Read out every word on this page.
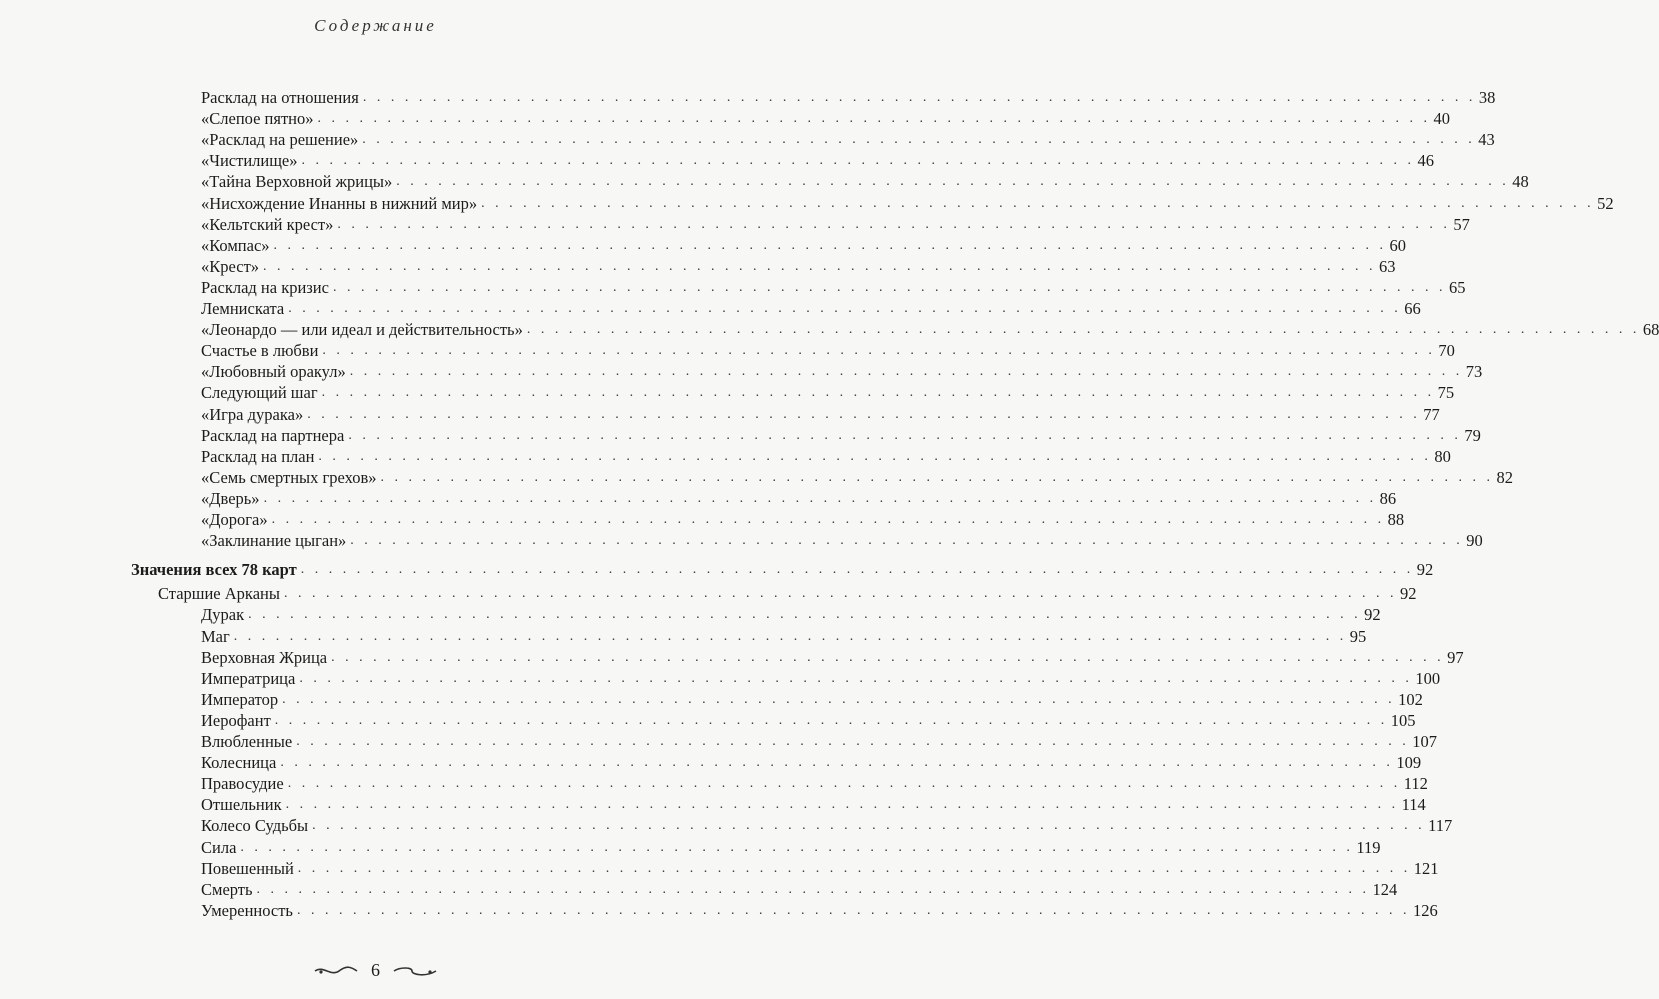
Содержание
Расклад на отношения . . . . . . . . . . . . . . . . . . . . . . . . . . . . . . . . . . . . . . . . . . . . . . . . . . . . . . . . . . . . . . . . . . . . . . . . . . . . . . . . 38
«Слепое пятно» . . . . . . . . . . . . . . . . . . . . . . . . . . . . . . . . . . . . . . . . . . . . . . . . . . . . . . . . . . . . . . . . . . . . . . . . . . . . . . . . 40
«Расклад на решение» . . . . . . . . . . . . . . . . . . . . . . . . . . . . . . . . . . . . . . . . . . . . . . . . . . . . . . . . . . . . . . . . . . . . . . . . . . . . . . . . 43
«Чистилище» . . . . . . . . . . . . . . . . . . . . . . . . . . . . . . . . . . . . . . . . . . . . . . . . . . . . . . . . . . . . . . . . . . . . . . . . . . . . . . . . 46
«Тайна Верховной жрицы» . . . . . . . . . . . . . . . . . . . . . . . . . . . . . . . . . . . . . . . . . . . . . . . . . . . . . . . . . . . . . . . . . . . . . . . . . . . . . . . . 48
«Нисхождение Инанны в нижний мир» . . . . . . . . . . . . . . . . . . . . . . . . . . . . . . . . . . . . . . . . . . . . . . . . . . . . . . . . . . . . . . . . . . . . . . . . . . . . . . . . 52
«Кельтский крест» . . . . . . . . . . . . . . . . . . . . . . . . . . . . . . . . . . . . . . . . . . . . . . . . . . . . . . . . . . . . . . . . . . . . . . . . . . . . . . . . 57
«Компас» . . . . . . . . . . . . . . . . . . . . . . . . . . . . . . . . . . . . . . . . . . . . . . . . . . . . . . . . . . . . . . . . . . . . . . . . . . . . . . . . 60
«Крест» . . . . . . . . . . . . . . . . . . . . . . . . . . . . . . . . . . . . . . . . . . . . . . . . . . . . . . . . . . . . . . . . . . . . . . . . . . . . . . . . 63
Расклад на кризис . . . . . . . . . . . . . . . . . . . . . . . . . . . . . . . . . . . . . . . . . . . . . . . . . . . . . . . . . . . . . . . . . . . . . . . . . . . . . . . . 65
Лемниската . . . . . . . . . . . . . . . . . . . . . . . . . . . . . . . . . . . . . . . . . . . . . . . . . . . . . . . . . . . . . . . . . . . . . . . . . . . . . . . . 66
«Леонардо — или идеал и действительность» . . . . . . . . . . . . . . . . . . . . . . . . . . . . . . . . . . . . . . . . . . . . . . . . . . . . . . . . . . . . . . . . . . . . . . . . . . . . . . . . 68
Счастье в любви . . . . . . . . . . . . . . . . . . . . . . . . . . . . . . . . . . . . . . . . . . . . . . . . . . . . . . . . . . . . . . . . . . . . . . . . . . . . . . . . 70
«Любовный оракул» . . . . . . . . . . . . . . . . . . . . . . . . . . . . . . . . . . . . . . . . . . . . . . . . . . . . . . . . . . . . . . . . . . . . . . . . . . . . . . . . 73
Следующий шаг . . . . . . . . . . . . . . . . . . . . . . . . . . . . . . . . . . . . . . . . . . . . . . . . . . . . . . . . . . . . . . . . . . . . . . . . . . . . . . . . 75
«Игра дурака» . . . . . . . . . . . . . . . . . . . . . . . . . . . . . . . . . . . . . . . . . . . . . . . . . . . . . . . . . . . . . . . . . . . . . . . . . . . . . . . . 77
Расклад на партнера . . . . . . . . . . . . . . . . . . . . . . . . . . . . . . . . . . . . . . . . . . . . . . . . . . . . . . . . . . . . . . . . . . . . . . . . . . . . . . . . 79
Расклад на план . . . . . . . . . . . . . . . . . . . . . . . . . . . . . . . . . . . . . . . . . . . . . . . . . . . . . . . . . . . . . . . . . . . . . . . . . . . . . . . . 80
«Семь смертных грехов» . . . . . . . . . . . . . . . . . . . . . . . . . . . . . . . . . . . . . . . . . . . . . . . . . . . . . . . . . . . . . . . . . . . . . . . . . . . . . . . . 82
«Дверь» . . . . . . . . . . . . . . . . . . . . . . . . . . . . . . . . . . . . . . . . . . . . . . . . . . . . . . . . . . . . . . . . . . . . . . . . . . . . . . . . 86
«Дорога» . . . . . . . . . . . . . . . . . . . . . . . . . . . . . . . . . . . . . . . . . . . . . . . . . . . . . . . . . . . . . . . . . . . . . . . . . . . . . . . . 88
«Заклинание цыган» . . . . . . . . . . . . . . . . . . . . . . . . . . . . . . . . . . . . . . . . . . . . . . . . . . . . . . . . . . . . . . . . . . . . . . . . . . . . . . . . 90
Значения всех 78 карт . . . . . . . . . . . . . . . . . . . . . . . . . . . . . . . . . . . . . . . . . . . . . . . . . . . . . . . . . . . . . . . . . . . . . . . . . . . . . . . . 92
Старшие Арканы . . . . . . . . . . . . . . . . . . . . . . . . . . . . . . . . . . . . . . . . . . . . . . . . . . . . . . . . . . . . . . . . . . . . . . . . . . . . . . . . 92
Дурак . . . . . . . . . . . . . . . . . . . . . . . . . . . . . . . . . . . . . . . . . . . . . . . . . . . . . . . . . . . . . . . . . . . . . . . . . . . . . . . . 92
Маг . . . . . . . . . . . . . . . . . . . . . . . . . . . . . . . . . . . . . . . . . . . . . . . . . . . . . . . . . . . . . . . . . . . . . . . . . . . . . . . . 95
Верховная Жрица . . . . . . . . . . . . . . . . . . . . . . . . . . . . . . . . . . . . . . . . . . . . . . . . . . . . . . . . . . . . . . . . . . . . . . . . . . . . . . . . 97
Императрица . . . . . . . . . . . . . . . . . . . . . . . . . . . . . . . . . . . . . . . . . . . . . . . . . . . . . . . . . . . . . . . . . . . . . . . . . . . . . . . . 100
Император . . . . . . . . . . . . . . . . . . . . . . . . . . . . . . . . . . . . . . . . . . . . . . . . . . . . . . . . . . . . . . . . . . . . . . . . . . . . . . . . 102
Иерофант . . . . . . . . . . . . . . . . . . . . . . . . . . . . . . . . . . . . . . . . . . . . . . . . . . . . . . . . . . . . . . . . . . . . . . . . . . . . . . . . 105
Влюбленные . . . . . . . . . . . . . . . . . . . . . . . . . . . . . . . . . . . . . . . . . . . . . . . . . . . . . . . . . . . . . . . . . . . . . . . . . . . . . . . . 107
Колесница . . . . . . . . . . . . . . . . . . . . . . . . . . . . . . . . . . . . . . . . . . . . . . . . . . . . . . . . . . . . . . . . . . . . . . . . . . . . . . . . 109
Правосудие . . . . . . . . . . . . . . . . . . . . . . . . . . . . . . . . . . . . . . . . . . . . . . . . . . . . . . . . . . . . . . . . . . . . . . . . . . . . . . . . 112
Отшельник . . . . . . . . . . . . . . . . . . . . . . . . . . . . . . . . . . . . . . . . . . . . . . . . . . . . . . . . . . . . . . . . . . . . . . . . . . . . . . . . 114
Колесо Судьбы . . . . . . . . . . . . . . . . . . . . . . . . . . . . . . . . . . . . . . . . . . . . . . . . . . . . . . . . . . . . . . . . . . . . . . . . . . . . . . . . 117
Сила . . . . . . . . . . . . . . . . . . . . . . . . . . . . . . . . . . . . . . . . . . . . . . . . . . . . . . . . . . . . . . . . . . . . . . . . . . . . . . . . 119
Повешенный . . . . . . . . . . . . . . . . . . . . . . . . . . . . . . . . . . . . . . . . . . . . . . . . . . . . . . . . . . . . . . . . . . . . . . . . . . . . . . . . 121
Смерть . . . . . . . . . . . . . . . . . . . . . . . . . . . . . . . . . . . . . . . . . . . . . . . . . . . . . . . . . . . . . . . . . . . . . . . . . . . . . . . . 124
Умеренность . . . . . . . . . . . . . . . . . . . . . . . . . . . . . . . . . . . . . . . . . . . . . . . . . . . . . . . . . . . . . . . . . . . . . . . . . . . . . . . . 126
6
